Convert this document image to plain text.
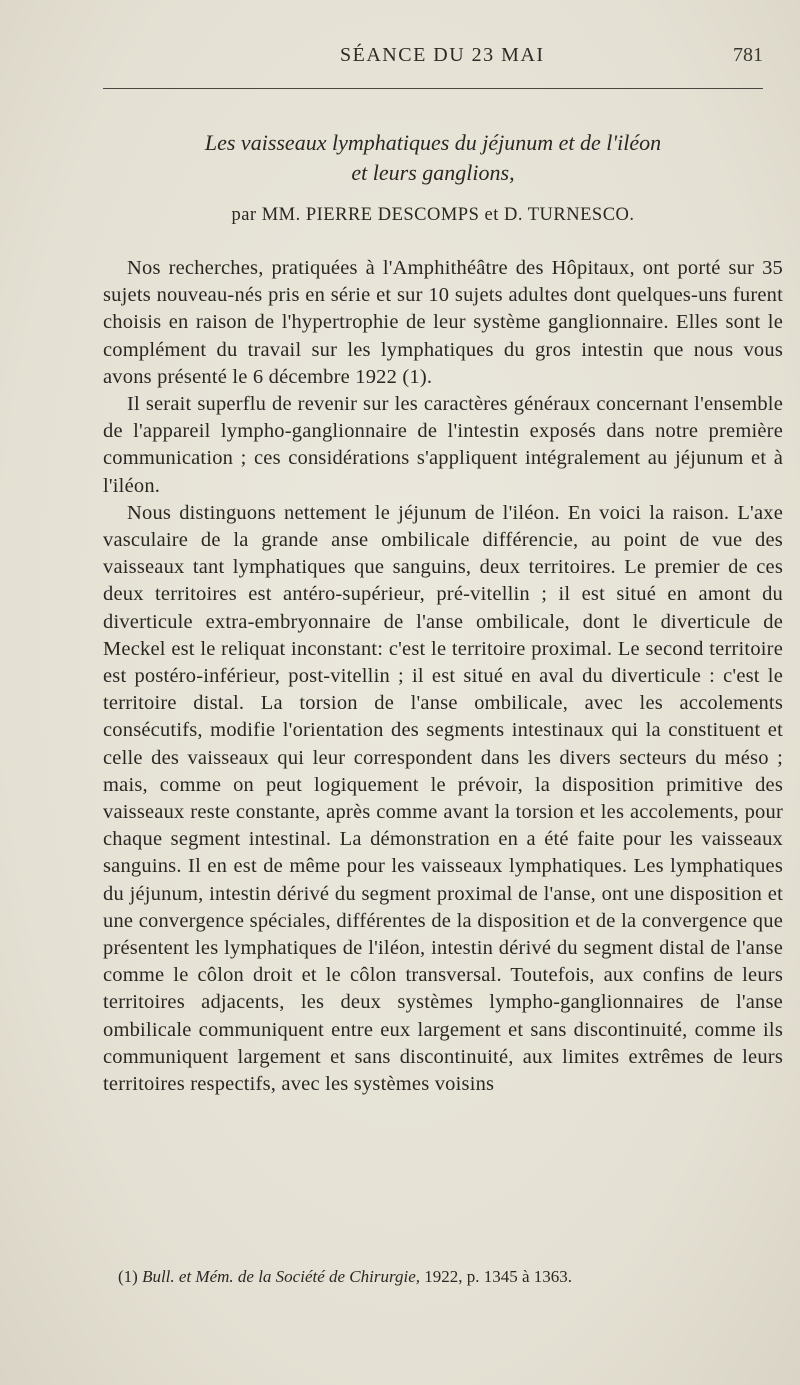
SÉANCE DU 23 MAI	781
Les vaisseaux lymphatiques du jéjunum et de l'iléon
et leurs ganglions,
par MM. PIERRE DESCOMPS et D. TURNESCO.

Nos recherches, pratiquées à l'Amphithéâtre des Hôpitaux, ont porté sur 35 sujets nouveau-nés pris en série et sur 10 sujets adultes dont quelques-uns furent choisis en raison de l'hypertrophie de leur système ganglionnaire. Elles sont le complément du travail sur les lymphatiques du gros intestin que nous vous avons présenté le 6 décembre 1922 (1).

Il serait superflu de revenir sur les caractères généraux concernant l'ensemble de l'appareil lympho-ganglionnaire de l'intestin exposés dans notre première communication ; ces considérations s'appliquent intégralement au jéjunum et à l'iléon.

Nous distinguons nettement le jéjunum de l'iléon. En voici la raison. L'axe vasculaire de la grande anse ombilicale différencie, au point de vue des vaisseaux tant lymphatiques que sanguins, deux territoires. Le premier de ces deux territoires est antéro-supérieur, pré-vitellin ; il est situé en amont du diverticule extra-embryonnaire de l'anse ombilicale, dont le diverticule de Meckel est le reliquat inconstant: c'est le territoire proximal. Le second territoire est postéro-inférieur, post-vitellin ; il est situé en aval du diverticule : c'est le territoire distal. La torsion de l'anse ombilicale, avec les accolements consécutifs, modifie l'orientation des segments intestinaux qui la constituent et celle des vaisseaux qui leur correspondent dans les divers secteurs du méso ; mais, comme on peut logiquement le prévoir, la disposition primitive des vaisseaux reste constante, après comme avant la torsion et les accolements, pour chaque segment intestinal. La démonstration en a été faite pour les vaisseaux sanguins. Il en est de même pour les vaisseaux lymphatiques. Les lymphatiques du jéjunum, intestin dérivé du segment proximal de l'anse, ont une disposition et une convergence spéciales, différentes de la disposition et de la convergence que présentent les lymphatiques de l'iléon, intestin dérivé du segment distal de l'anse comme le côlon droit et le côlon transversal. Toutefois, aux confins de leurs territoires adjacents, les deux systèmes lympho-ganglionnaires de l'anse ombilicale communiquent entre eux largement et sans discontinuité, comme ils communiquent largement et sans discontinuité, aux limites extrêmes de leurs territoires respectifs, avec les systèmes voisins

(1) Bull. et Mém. de la Société de Chirurgie, 1922, p. 1345 à 1363.
